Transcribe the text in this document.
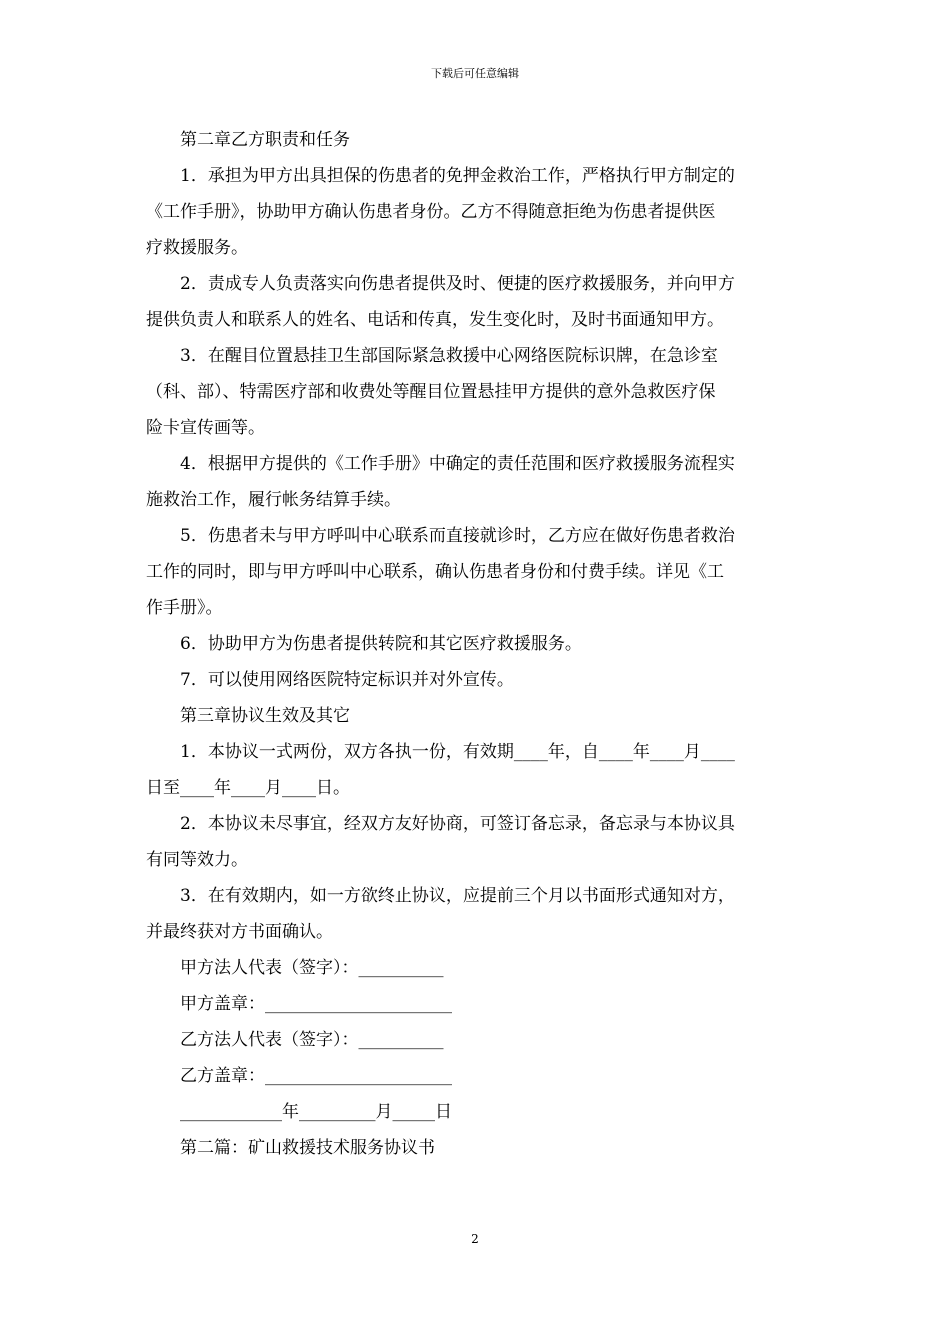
下载后可任意编辑

　　第二章乙方职责和任务

　　1．承担为甲方出具担保的伤患者的免押金救治工作，严格执行甲方制定的

《工作手册》，协助甲方确认伤患者身份。乙方不得随意拒绝为伤患者提供医

疗救援服务。

　　2．责成专人负责落实向伤患者提供及时、便捷的医疗救援服务，并向甲方

提供负责人和联系人的姓名、电话和传真，发生变化时，及时书面通知甲方。

　　3．在醒目位置悬挂卫生部国际紧急救援中心网络医院标识牌，在急诊室

（科、部）、特需医疗部和收费处等醒目位置悬挂甲方提供的意外急救医疗保

险卡宣传画等。

　　4．根据甲方提供的《工作手册》中确定的责任范围和医疗救援服务流程实

施救治工作，履行帐务结算手续。

　　5．伤患者未与甲方呼叫中心联系而直接就诊时，乙方应在做好伤患者救治

工作的同时，即与甲方呼叫中心联系，确认伤患者身份和付费手续。详见《工

作手册》。

　　6．协助甲方为伤患者提供转院和其它医疗救援服务。

　　7．可以使用网络医院特定标识并对外宣传。

　　第三章协议生效及其它

　　1．本协议一式两份，双方各执一份，有效期____年，自____年____月____

日至____年____月____日。

　　2．本协议未尽事宜，经双方友好协商，可签订备忘录，备忘录与本协议具

有同等效力。

　　3．在有效期内，如一方欲终止协议，应提前三个月以书面形式通知对方，

并最终获对方书面确认。

　　甲方法人代表（签字）：__________

　　甲方盖章：______________________

　　乙方法人代表（签字）：__________

　　乙方盖章：______________________

　　____________年_________月_____日

　　第二篇：矿山救援技术服务协议书

2
